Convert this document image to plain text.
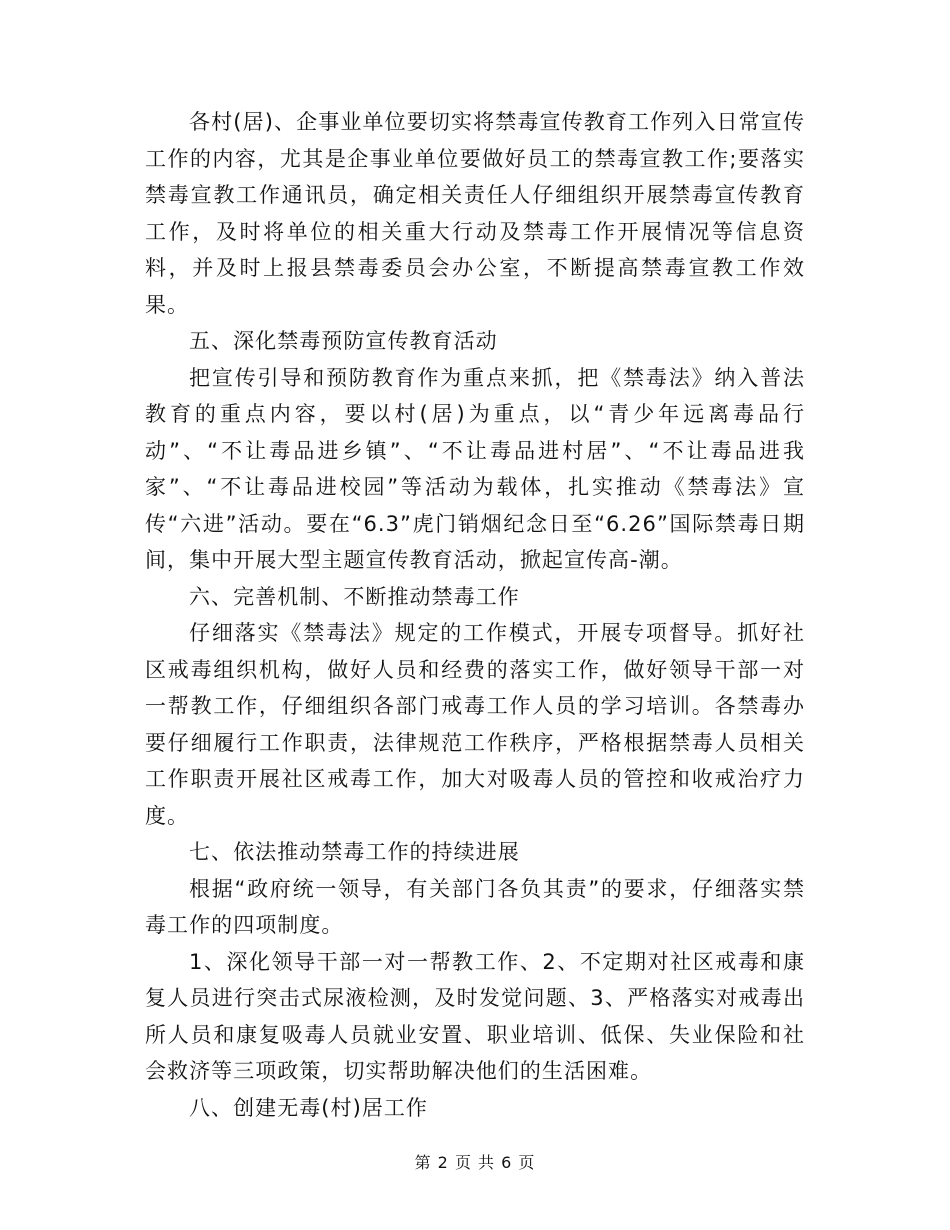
各村(居)、企事业单位要切实将禁毒宣传教育工作列入日常宣传工作的内容，尤其是企事业单位要做好员工的禁毒宣教工作;要落实禁毒宣教工作通讯员，确定相关责任人仔细组织开展禁毒宣传教育工作，及时将单位的相关重大行动及禁毒工作开展情况等信息资料，并及时上报县禁毒委员会办公室，不断提高禁毒宣教工作效果。

五、深化禁毒预防宣传教育活动

把宣传引导和预防教育作为重点来抓，把《禁毒法》纳入普法教育的重点内容，要以村(居)为重点，以“青少年远离毒品行动”、“不让毒品进乡镇”、“不让毒品进村居”、“不让毒品进我家”、“不让毒品进校园”等活动为载体，扎实推动《禁毒法》宣传“六进”活动。要在“6.3”虎门销烟纪念日至“6.26”国际禁毒日期间，集中开展大型主题宣传教育活动，掀起宣传高-潮。

六、完善机制、不断推动禁毒工作

仔细落实《禁毒法》规定的工作模式，开展专项督导。抓好社区戒毒组织机构，做好人员和经费的落实工作，做好领导干部一对一帮教工作，仔细组织各部门戒毒工作人员的学习培训。各禁毒办要仔细履行工作职责，法律规范工作秩序，严格根据禁毒人员相关工作职责开展社区戒毒工作，加大对吸毒人员的管控和收戒治疗力度。

七、依法推动禁毒工作的持续进展

根据“政府统一领导，有关部门各负其责”的要求，仔细落实禁毒工作的四项制度。

1、深化领导干部一对一帮教工作、2、不定期对社区戒毒和康复人员进行突击式尿液检测，及时发觉问题、3、严格落实对戒毒出所人员和康复吸毒人员就业安置、职业培训、低保、失业保险和社会救济等三项政策，切实帮助解决他们的生活困难。

八、创建无毒(村)居工作

第 2 页 共 6 页
